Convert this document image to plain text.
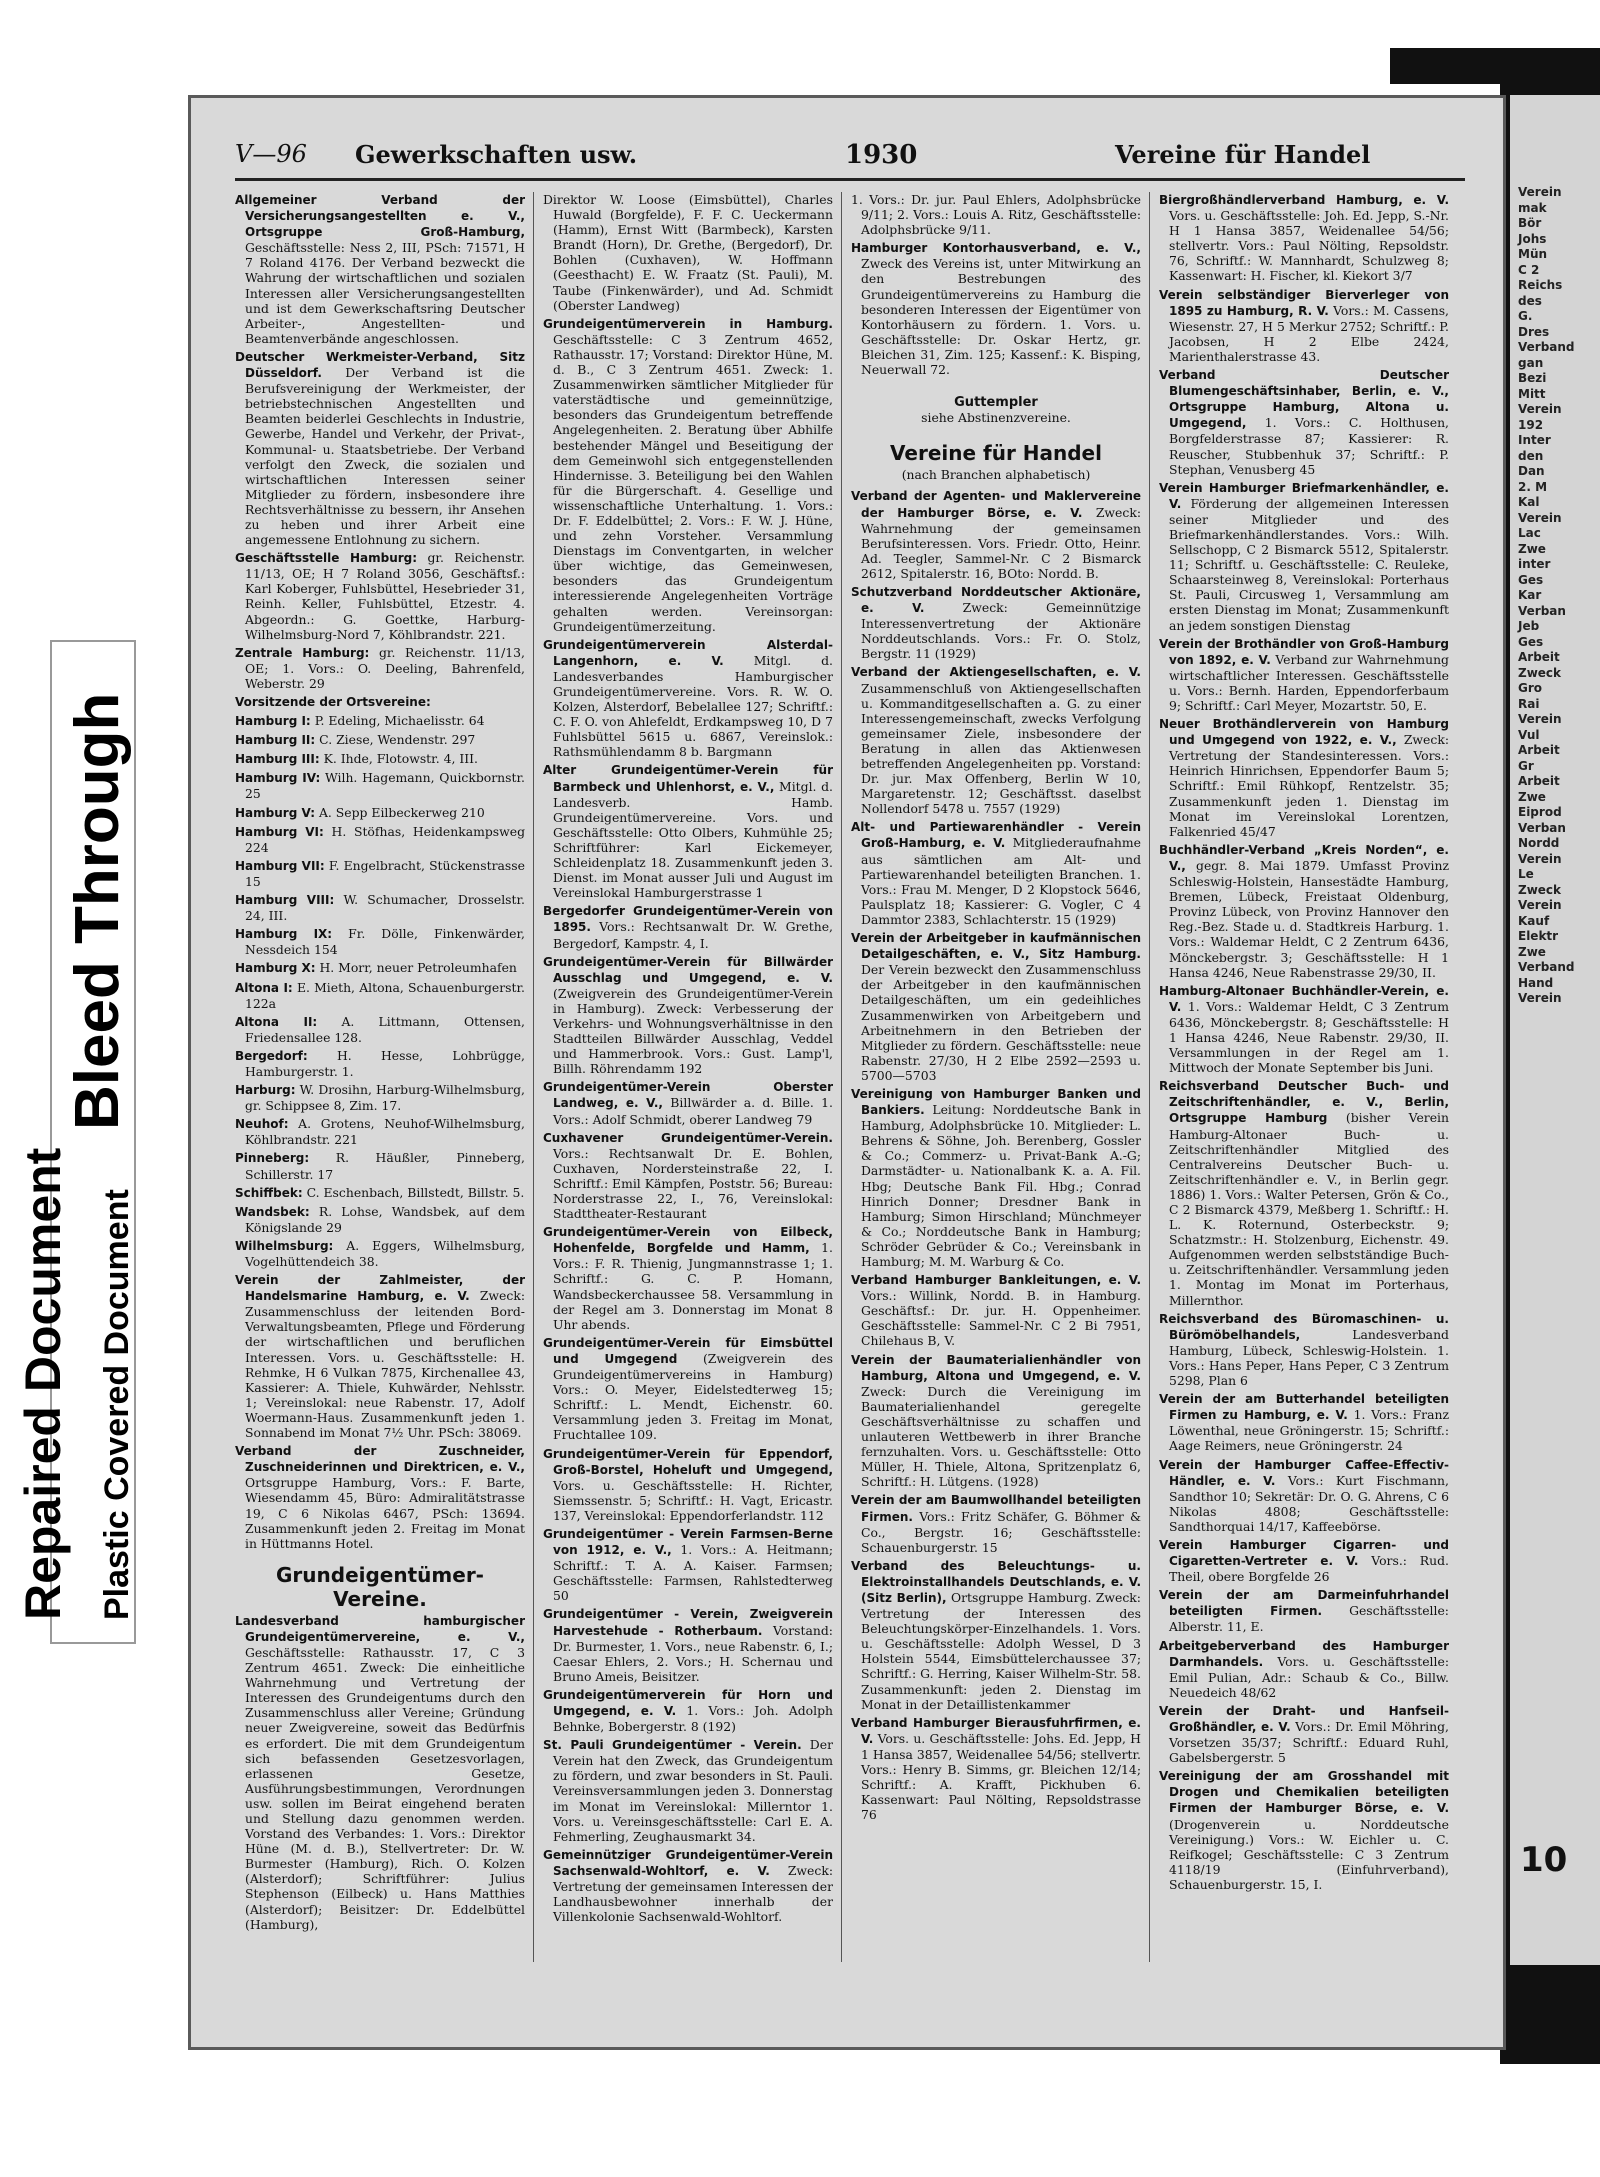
Bleed Through
Repaired Document Plastic Covered Document
V—96 Gewerkschaften usw.	1930	Vereine für Handel

Allgemeiner Verband der Versicherungsangestellten e. V., Ortsgruppe Groß-Hamburg, Geschäftsstelle: Ness 2, III, PSch: 71571, H 7 Roland 4176. Der Verband bezweckt die Wahrung der wirtschaftlichen und sozialen Interessen aller Versicherungsangestellten und ist dem Gewerkschaftsring Deutscher Arbeiter-, Angestellten- und Beamtenverbände angeschlossen.

Deutscher Werkmeister-Verband, Sitz Düsseldorf. Der Verband ist die Berufsvereinigung der Werkmeister, der betriebstechnischen Angestellten und Beamten beiderlei Geschlechts in Industrie, Gewerbe, Handel und Verkehr, der Privat-, Kommunal- u. Staatsbetriebe. Der Verband verfolgt den Zweck, die sozialen und wirtschaftlichen Interessen seiner Mitglieder zu fördern, insbesondere ihre Rechtsverhältnisse zu bessern, ihr Ansehen zu heben und ihrer Arbeit eine angemessene Entlohnung zu sichern.

Geschäftsstelle Hamburg: gr. Reichenstr. 11/13, OE; H 7 Roland 3056, Geschäftsf.: Karl Koberger, Fuhlsbüttel, Hesebrieder 31, Reinh. Keller, Fuhlsbüttel, Etzestr. 4. Abgeordn.: G. Goettke, Harburg-Wilhelmsburg-Nord 7, Köhlbrandstr. 221.

Zentrale Hamburg: gr. Reichenstr. 11/13, OE; 1. Vors.: O. Deeling, Bahrenfeld, Weberstr. 29

Vorsitzende der Ortsvereine:

Hamburg I: P. Edeling, Michaelisstr. 64

Hamburg II: C. Ziese, Wendenstr. 297

Hamburg III: K. Ihde, Flotowstr. 4, III.

Hamburg IV: Wilh. Hagemann, Quickbornstr. 25

Hamburg V: A. Sepp Eilbeckerweg 210

Hamburg VI: H. Stöfhas, Heidenkampsweg 224

Hamburg VII: F. Engelbracht, Stückenstrasse 15

Hamburg VIII: W. Schumacher, Drosselstr. 24, III.

Hamburg IX: Fr. Dölle, Finkenwärder, Nessdeich 154

Hamburg X: H. Morr, neuer Petroleumhafen

Altona I: E. Mieth, Altona, Schauenburgerstr. 122a

Altona II: A. Littmann, Ottensen, Friedensallee 128.

Bergedorf: H. Hesse, Lohbrügge, Hamburgerstr. 1.

Harburg: W. Drosihn, Harburg-Wilhelmsburg, gr. Schippsee 8, Zim. 17.

Neuhof: A. Grotens, Neuhof-Wilhelmsburg, Köhlbrandstr. 221

Pinneberg: R. Häußler, Pinneberg, Schillerstr. 17

Schiffbek: C. Eschenbach, Billstedt, Billstr. 5.

Wandsbek: R. Lohse, Wandsbek, auf dem Königslande 29

Wilhelmsburg: A. Eggers, Wilhelmsburg, Vogelhüttendeich 38.

Verein der Zahlmeister, der Handelsmarine Hamburg, e. V. Zweck: Zusammenschluss der leitenden Bord-Verwaltungsbeamten, Pflege und Förderung der wirtschaftlichen und beruflichen Interessen. Vors. u. Geschäftsstelle: H. Rehmke, H 6 Vulkan 7875, Kirchenallee 43, Kassierer: A. Thiele, Kuhwärder, Nehlsstr. 1; Vereinslokal: neue Rabenstr. 17, Adolf Woermann-Haus. Zusammenkunft jeden 1. Sonnabend im Monat 7½ Uhr. PSch: 38069.

Verband der Zuschneider, Zuschneiderinnen und Direktricen, e. V., Ortsgruppe Hamburg, Vors.: F. Barte, Wiesendamm 45, Büro: Admiralitätstrasse 19, C 6 Nikolas 6467, PSch: 13694. Zusammenkunft jeden 2. Freitag im Monat in Hüttmanns Hotel.

Grundeigentümer-Vereine.

Landesverband hamburgischer Grundeigentümervereine, e. V., Geschäftsstelle: Rathausstr. 17, C 3 Zentrum 4651. Zweck: Die einheitliche Wahrnehmung und Vertretung der Interessen des Grundeigentums durch den Zusammenschluss aller Vereine; Gründung neuer Zweigvereine, soweit das Bedürfnis es erfordert. Die mit dem Grundeigentum sich befassenden Gesetzesvorlagen, erlassenen Gesetze, Ausführungsbestimmungen, Verordnungen usw. sollen im Beirat eingehend beraten und Stellung dazu genommen werden. Vorstand des Verbandes: 1. Vors.: Direktor Hüne (M. d. B.), Stellvertreter: Dr. W. Burmester (Hamburg), Rich. O. Kolzen (Alsterdorf); Schriftführer: Julius Stephenson (Eilbeck) u. Hans Matthies (Alsterdorf); Beisitzer: Dr. Eddelbüttel (Hamburg),

Direktor W. Loose (Eimsbüttel), Charles Huwald (Borgfelde), F. F. C. Ueckermann (Hamm), Ernst Witt (Barmbeck), Karsten Brandt (Horn), Dr. Grethe, (Bergedorf), Dr. Bohlen (Cuxhaven), W. Hoffmann (Geesthacht) E. W. Fraatz (St. Pauli), M. Taube (Finkenwärder), und Ad. Schmidt (Oberster Landweg)

Grundeigentümerverein in Hamburg. Geschäftsstelle: C 3 Zentrum 4652, Rathausstr. 17; Vorstand: Direktor Hüne, M. d. B., C 3 Zentrum 4651. Zweck: 1. Zusammenwirken sämtlicher Mitglieder für vaterstädtische und gemeinnützige, besonders das Grundeigentum betreffende Angelegenheiten. 2. Beratung über Abhilfe bestehender Mängel und Beseitigung der dem Gemeinwohl sich entgegenstellenden Hindernisse. 3. Beteiligung bei den Wahlen für die Bürgerschaft. 4. Gesellige und wissenschaftliche Unterhaltung. 1. Vors.: Dr. F. Eddelbüttel; 2. Vors.: F. W. J. Hüne, und zehn Vorsteher. Versammlung Dienstags im Conventgarten, in welcher über wichtige, das Gemeinwesen, besonders das Grundeigentum interessierende Angelegenheiten Vorträge gehalten werden. Vereinsorgan: Grundeigentümerzeitung.

Grundeigentümerverein Alsterdal-Langenhorn, e. V. Mitgl. d. Landesverbandes Hamburgischer Grundeigentümervereine. Vors. R. W. O. Kolzen, Alsterdorf, Bebelallee 127; Schriftf.: C. F. O. von Ahlefeldt, Erdkampsweg 10, D 7 Fuhlsbüttel 5615 u. 6867, Vereinslok.: Rathsmühlendamm 8 b. Bargmann

Alter Grundeigentümer-Verein für Barmbeck und Uhlenhorst, e. V., Mitgl. d. Landesverb. Hamb. Grundeigentümervereine. Vors. und Geschäftsstelle: Otto Olbers, Kuhmühle 25; Schriftführer: Karl Eickemeyer, Schleidenplatz 18. Zusammenkunft jeden 3. Dienst. im Monat ausser Juli und August im Vereinslokal Hamburgerstrasse 1

Bergedorfer Grundeigentümer-Verein von 1895. Vors.: Rechtsanwalt Dr. W. Grethe, Bergedorf, Kampstr. 4, I.

Grundeigentümer-Verein für Billwärder Ausschlag und Umgegend, e. V. (Zweigverein des Grundeigentümer-Verein in Hamburg). Zweck: Verbesserung der Verkehrs- und Wohnungsverhältnisse in den Stadtteilen Billwärder Ausschlag, Veddel und Hammerbrook. Vors.: Gust. Lamp'l, Billh. Röhrendamm 192

Grundeigentümer-Verein Oberster Landweg, e. V., Billwärder a. d. Bille. 1. Vors.: Adolf Schmidt, oberer Landweg 79

Cuxhavener Grundeigentümer-Verein. Vors.: Rechtsanwalt Dr. E. Bohlen, Cuxhaven, Nordersteinstraße 22, I. Schriftf.: Emil Kämpfen, Poststr. 56; Bureau: Norderstrasse 22, I., 76, Vereinslokal: Stadttheater-Restaurant

Grundeigentümer-Verein von Eilbeck, Hohenfelde, Borgfelde und Hamm, 1. Vors.: F. R. Thienig, Jungmannstrasse 1; 1. Schriftf.: G. C. P. Homann, Wandsbeckerchaussee 58. Versammlung in der Regel am 3. Donnerstag im Monat 8 Uhr abends.

Grundeigentümer-Verein für Eimsbüttel und Umgegend (Zweigverein des Grundeigentümervereins in Hamburg) Vors.: O. Meyer, Eidelstedterweg 15; Schriftf.: L. Mendt, Eichenstr. 60. Versammlung jeden 3. Freitag im Monat, Fruchtallee 109.

Grundeigentümer-Verein für Eppendorf, Groß-Borstel, Hoheluft und Umgegend, Vors. u. Geschäftsstelle: H. Richter, Siemssenstr. 5; Schriftf.: H. Vagt, Ericastr. 137, Vereinslokal: Eppendorferlandstr. 112

Grundeigentümer - Verein Farmsen-Berne von 1912, e. V., 1. Vors.: A. Heitmann; Schriftf.: T. A. A. Kaiser. Farmsen; Geschäftsstelle: Farmsen, Rahlstedterweg 50

Grundeigentümer - Verein, Zweigverein Harvestehude - Rotherbaum. Vorstand: Dr. Burmester, 1. Vors., neue Rabenstr. 6, I.; Caesar Ehlers, 2. Vors.; H. Schernau und Bruno Ameis, Beisitzer.

Grundeigentümerverein für Horn und Umgegend, e. V. 1. Vors.: Joh. Adolph Behnke, Bobergerstr. 8 (192)

St. Pauli Grundeigentümer - Verein. Der Verein hat den Zweck, das Grundeigentum zu fördern, und zwar besonders in St. Pauli. Vereinsversammlungen jeden 3. Donnerstag im Monat im Vereinslokal: Millerntor 1. Vors. u. Vereinsgeschäftsstelle: Carl E. A. Fehmerling, Zeughausmarkt 34.

Gemeinnütziger Grundeigentümer-Verein Sachsenwald-Wohltorf, e. V. Zweck: Vertretung der gemeinsamen Interessen der Landhausbewohner innerhalb der Villenkolonie Sachsenwald-Wohltorf.

1. Vors.: Dr. jur. Paul Ehlers, Adolphsbrücke 9/11; 2. Vors.: Louis A. Ritz, Geschäftsstelle: Adolphsbrücke 9/11.

Hamburger Kontorhausverband, e. V., Zweck des Vereins ist, unter Mitwirkung an den Bestrebungen des Grundeigentümervereins zu Hamburg die besonderen Interessen der Eigentümer von Kontorhäusern zu fördern. 1. Vors. u. Geschäftsstelle: Dr. Oskar Hertz, gr. Bleichen 31, Zim. 125; Kassenf.: K. Bisping, Neuerwall 72.

Guttempler
siehe Abstinenzvereine.
Vereine für Handel
(nach Branchen alphabetisch)

Verband der Agenten- und Maklervereine der Hamburger Börse, e. V. Zweck: Wahrnehmung der gemeinsamen Berufsinteressen. Vors. Friedr. Otto, Heinr. Ad. Teegler, Sammel-Nr. C 2 Bismarck 2612, Spitalerstr. 16, BOto: Nordd. B.

Schutzverband Norddeutscher Aktionäre, e. V.	Zweck: Gemeinnützige Interessenvertretung der Aktionäre Norddeutschlands. Vors.: Fr. O. Stolz, Bergstr. 11 (1929)

Verband der Aktiengesellschaften, e. V. Zusammenschluß von Aktiengesellschaften u. Kommanditgesellschaften a. G. zu einer Interessengemeinschaft, zwecks Verfolgung gemeinsamer Ziele, insbesondere der Beratung in allen das Aktienwesen betreffenden Angelegenheiten pp. Vorstand: Dr. jur. Max Offenberg, Berlin W 10, Margaretenstr. 12; Geschäftsst. daselbst Nollendorf 5478 u. 7557 (1929)

Alt- und Partiewarenhändler - Verein Groß-Hamburg, e. V. Mitgliederaufnahme aus sämtlichen am Alt- und Partiewarenhandel beteiligten Branchen. 1. Vors.: Frau M. Menger, D 2 Klopstock 5646, Paulsplatz 18; Kassierer: G. Vogler, C 4 Dammtor 2383, Schlachterstr. 15 (1929)

Verein der Arbeitgeber in kaufmännischen Detailgeschäften, e. V., Sitz Hamburg. Der Verein bezweckt den Zusammenschluss der Arbeitgeber in den kaufmännischen Detailgeschäften, um ein gedeihliches Zusammenwirken von Arbeitgebern und Arbeitnehmern in den Betrieben der Mitglieder zu fördern. Geschäftsstelle: neue Rabenstr. 27/30, H 2 Elbe 2592—2593 u. 5700—5703

Vereinigung von Hamburger Banken und Bankiers. Leitung: Norddeutsche Bank in Hamburg, Adolphsbrücke 10. Mitglieder: L. Behrens & Söhne, Joh. Berenberg, Gossler & Co.; Commerz- u. Privat-Bank A.-G; Darmstädter- u. Nationalbank K. a. A. Fil. Hbg; Deutsche Bank Fil. Hbg.; Conrad Hinrich Donner; Dresdner Bank in Hamburg; Simon Hirschland; Münchmeyer & Co.; Norddeutsche Bank in Hamburg; Schröder Gebrüder & Co.; Vereinsbank in Hamburg; M. M. Warburg & Co.

Verband Hamburger Bankleitungen, e. V. Vors.: Willink, Nordd. B. in Hamburg. Geschäftsf.: Dr. jur. H. Oppenheimer. Geschäftsstelle: Sammel-Nr. C 2 Bi 7951, Chilehaus B, V.

Verein der Baumaterialienhändler von Hamburg, Altona und Umgegend, e. V. Zweck: Durch die Vereinigung im Baumaterialienhandel geregelte Geschäftsverhältnisse zu schaffen und unlauteren Wettbewerb in ihrer Branche fernzuhalten. Vors. u. Geschäftsstelle: Otto Müller, H. Thiele, Altona, Spritzenplatz 6, Schriftf.: H. Lütgens. (1928)

Verein der am Baumwollhandel beteiligten Firmen. Vors.: Fritz Schäfer, G. Böhmer & Co., Bergstr. 16; Geschäftsstelle: Schauenburgerstr. 15

Verband des Beleuchtungs- u. Elektroinstallhandels Deutschlands, e. V. (Sitz Berlin), Ortsgruppe Hamburg. Zweck: Vertretung der Interessen des Beleuchtungskörper-Einzelhandels. 1. Vors. u. Geschäftsstelle: Adolph Wessel, D 3 Holstein 5544, Eimsbüttelerchaussee 37; Schriftf.: G. Herring, Kaiser Wilhelm-Str. 58. Zusammenkunft: jeden 2. Dienstag im Monat in der Detaillistenkammer

Verband Hamburger Bierausfuhrfirmen, e. V. Vors. u. Geschäftsstelle: Johs. Ed. Jepp, H 1 Hansa 3857, Weidenallee 54/56; stellvertr. Vors.: Henry B. Simms, gr. Bleichen 12/14; Schriftf.: A. Krafft, Pickhuben 6. Kassenwart: Paul Nölting, Repsoldstrasse 76

Biergroßhändlerverband Hamburg, e. V. Vors. u. Geschäftsstelle: Joh. Ed. Jepp, S.-Nr. H 1 Hansa 3857, Weidenallee 54/56; stellvertr. Vors.: Paul Nölting, Repsoldstr. 76, Schriftf.: W. Mannhardt, Schulzweg 8; Kassenwart: H. Fischer, kl. Kiekort 3/7

Verein selbständiger Bierverleger von 1895 zu Hamburg, R. V. Vors.: M. Cassens, Wiesenstr. 27, H 5 Merkur 2752; Schriftf.: P. Jacobsen, H 2 Elbe 2424, Marienthalerstrasse 43.

Verband Deutscher Blumengeschäftsinhaber, Berlin, e. V., Ortsgruppe Hamburg, Altona u. Umgegend, 1. Vors.: C. Holthusen, Borgfelderstrasse 87; Kassierer: R. Reuscher, Stubbenhuk 37; Schriftf.: P. Stephan, Venusberg 45

Verein Hamburger Briefmarkenhändler, e. V. Förderung der allgemeinen Interessen seiner Mitglieder und des Briefmarkenhändlerstandes. Vors.: Wilh. Sellschopp, C 2 Bismarck 5512, Spitalerstr. 11; Schriftf. u. Geschäftsstelle: C. Reuleke, Schaarsteinweg 8, Vereinslokal: Porterhaus St. Pauli, Circusweg 1, Versammlung am ersten Dienstag im Monat; Zusammenkunft an jedem sonstigen Dienstag

Verein der Brothändler von Groß-Hamburg von 1892, e. V. Verband zur Wahrnehmung wirtschaftlicher Interessen. Geschäftsstelle u. Vors.: Bernh. Harden, Eppendorferbaum 9; Schriftf.: Carl Meyer, Mozartstr. 50, E.

Neuer Brothändlerverein von Hamburg und Umgegend von 1922, e. V., Zweck: Vertretung der Standesinteressen. Vors.: Heinrich Hinrichsen, Eppendorfer Baum 5; Schriftf.: Emil Rühkopf, Rentzelstr. 35; Zusammenkunft jeden 1. Dienstag im Monat im Vereinslokal Lorentzen, Falkenried 45/47

Buchhändler-Verband „Kreis Norden“, e. V., gegr. 8. Mai 1879. Umfasst Provinz Schleswig-Holstein, Hansestädte Hamburg, Bremen, Lübeck, Freistaat Oldenburg, Provinz Lübeck, von Provinz Hannover den Reg.-Bez. Stade u. d. Stadtkreis Harburg. 1. Vors.: Waldemar Heldt, C 2 Zentrum 6436, Mönckebergstr. 3; Geschäftsstelle: H 1 Hansa 4246, Neue Rabenstrasse 29/30, II.

Hamburg-Altonaer Buchhändler-Verein, e. V. 1. Vors.: Waldemar Heldt, C 3 Zentrum 6436, Mönckebergstr. 8; Geschäftsstelle: H 1 Hansa 4246, Neue Rabenstr. 29/30, II. Versammlungen in der Regel am 1. Mittwoch der Monate September bis Juni.

Reichsverband Deutscher Buch- und Zeitschriftenhändler, e. V., Berlin, Ortsgruppe Hamburg (bisher Verein Hamburg-Altonaer Buch- u. Zeitschriftenhändler Mitglied des Centralvereins Deutscher Buch- u. Zeitschriftenhändler e. V., in Berlin gegr. 1886) 1. Vors.: Walter Petersen, Grön & Co., C 2 Bismarck 4379, Meßberg 1. Schriftf.: H. L. K. Roternund, Osterbeckstr. 9; Schatzmstr.: H. Stolzenburg, Eichenstr. 49. Aufgenommen werden selbstständige Buch- u. Zeitschriftenhändler. Versammlung jeden 1. Montag im Monat im Porterhaus, Millernthor.

Reichsverband des Büromaschinen- u. Bürömöbelhandels,	Landesverband Hamburg, Lübeck, Schleswig-Holstein. 1. Vors.: Hans Peper, Hans Peper, C 3 Zentrum 5298, Plan 6

Verein der am Butterhandel beteiligten Firmen zu Hamburg, e. V. 1. Vors.: Franz Löwenthal, neue Gröningerstr. 15; Schriftf.: Aage Reimers, neue Gröningerstr. 24

Verein der Hamburger Caffee-Effectiv-Händler, e. V. Vors.: Kurt Fischmann, Sandthor 10; Sekretär: Dr. O. G. Ahrens, C 6 Nikolas 4808; Geschäftsstelle: Sandthorquai 14/17, Kaffeebörse.

Verein Hamburger Cigarren- und Cigaretten-Vertreter e. V. Vors.: Rud. Theil, obere Borgfelde 26

Verein der am Darmeinfuhrhandel beteiligten Firmen. Geschäftsstelle: Alberstr. 11, E.

Arbeitgeberverband des Hamburger Darmhandels. Vors. u. Geschäftsstelle: Emil Pulian, Adr.: Schaub & Co., Billw. Neuedeich 48/62

Verein der Draht- und Hanfseil-Großhändler, e. V. Vors.: Dr. Emil Möhring, Vorsetzen 35/37; Schriftf.: Eduard Ruhl, Gabelsbergerstr. 5

Vereinigung der am Grosshandel mit Drogen und Chemikalien beteiligten Firmen der Hamburger Börse, e. V. (Drogenverein u. Norddeutsche Vereinigung.) Vors.: W. Eichler u. C. Reifkogel; Geschäftsstelle: C 3 Zentrum 4118/19 (Einfuhrverband), Schauenburgerstr. 15, I.

Verein
mak
Bör
Johs
Mün
C 2
Reichs
des
G.
Dres
Verband
gan
Bezi
Mitt
Verein
192
Inter
den
Dan
2. M
Kal
Verein
Lac
Zwe
inter
Ges
Kar
Verban
Jeb
Ges
Arbeit
Zweck
Gro
Rai
Verein
Vul
Arbeit
Gr
Arbeit
Zwe
Eiprod
Verban
Nordd
Verein
Le
Zweck
Verein
Kauf
Elektr
Zwe
Verband
Hand
Verein
10
